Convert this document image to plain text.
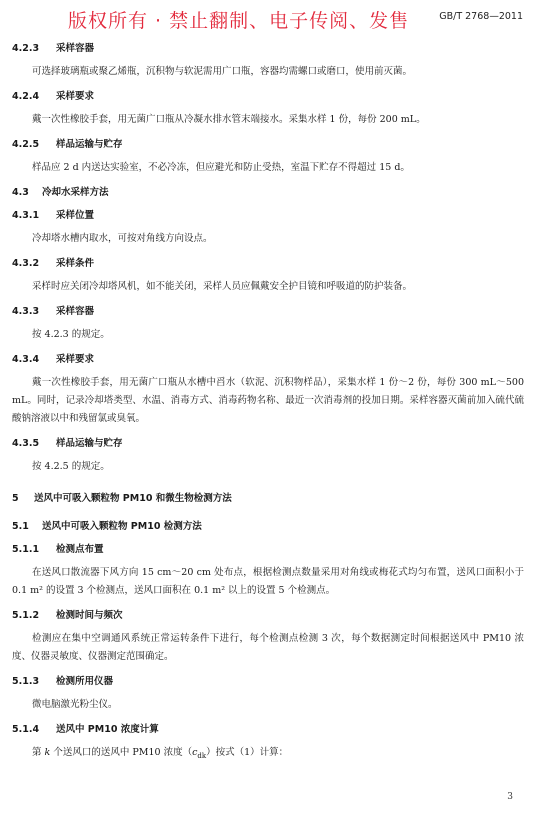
版权所有 · 禁止翻制、电子传阅、发售	GB/T 2768—2011
4.2.3 采样容器

可选择玻璃瓶或聚乙烯瓶，沉积物与软泥需用广口瓶，容器均需螺口或磨口，使用前灭菌。

4.2.4 采样要求

戴一次性橡胶手套，用无菌广口瓶从冷凝水排水管末端接水。采集水样 1 份，每份 200 mL。

4.2.5 样品运输与贮存

样品应 2 d 内送达实验室，不必冷冻，但应避光和防止受热，室温下贮存不得超过 15 d。

4.3 冷却水采样方法
4.3.1 采样位置

冷却塔水槽内取水，可按对角线方向设点。

4.3.2 采样条件

采样时应关闭冷却塔风机，如不能关闭，采样人员应佩戴安全护目镜和呼吸道的防护装备。

4.3.3 采样容器

按 4.2.3 的规定。

4.3.4 采样要求

戴一次性橡胶手套，用无菌广口瓶从水槽中舀水（软泥、沉积物样品），采集水样 1 份～2 份，每份 300 mL～500 mL。同时，记录冷却塔类型、水温、消毒方式、消毒药物名称、最近一次消毒剂的投加日期。采样容器灭菌前加入硫代硫酸钠溶液以中和残留氯或臭氧。

4.3.5 样品运输与贮存

按 4.2.5 的规定。

5 送风中可吸入颗粒物 PM10 和微生物检测方法
5.1 送风中可吸入颗粒物 PM10 检测方法
5.1.1 检测点布置

在送风口散流器下风方向 15 cm～20 cm 处布点，根据检测点数量采用对角线或梅花式均匀布置，送风口面积小于 0.1 m² 的设置 3 个检测点，送风口面积在 0.1 m² 以上的设置 5 个检测点。

5.1.2 检测时间与频次

检测应在集中空调通风系统正常运转条件下进行，每个检测点检测 3 次，每个数据测定时间根据送风中 PM10 浓度、仪器灵敏度、仪器测定范围确定。

5.1.3 检测所用仪器

微电脑激光粉尘仪。

5.1.4 送风中 PM10 浓度计算

第 k 个送风口的送风中 PM10 浓度$(c_{dk})$按式（1）计算：

3
